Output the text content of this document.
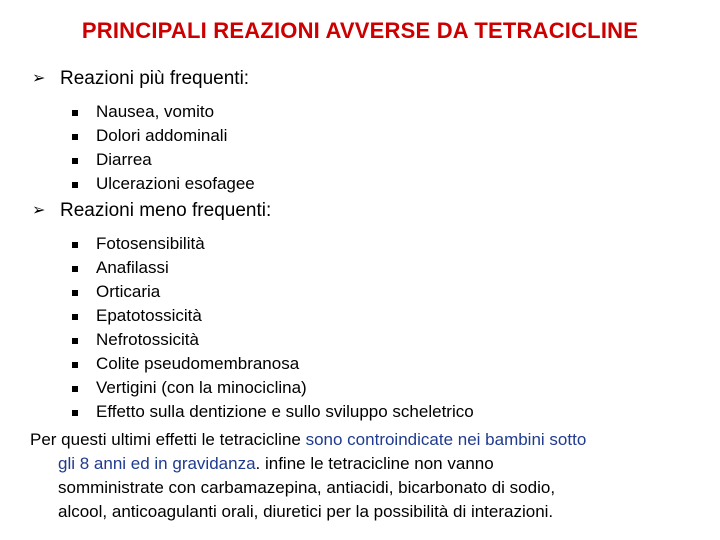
PRINCIPALI REAZIONI AVVERSE DA TETRACICLINE
➢ Reazioni più frequenti:
Nausea, vomito
Dolori addominali
Diarrea
Ulcerazioni esofagee
➢ Reazioni meno frequenti:
Fotosensibilità
Anafilassi
Orticaria
Epatotossicità
Nefrotossicità
Colite pseudomembranosa
Vertigini (con la minociclina)
Effetto sulla dentizione e sullo sviluppo scheletrico
Per questi ultimi effetti le tetracicline sono controindicate nei bambini sotto
gli 8 anni ed in gravidanza. infine le tetracicline non vanno
somministrate con carbamazepina, antiacidi, bicarbonato di sodio,
alcool, anticoagulanti orali, diuretici per la possibilità di interazioni.
